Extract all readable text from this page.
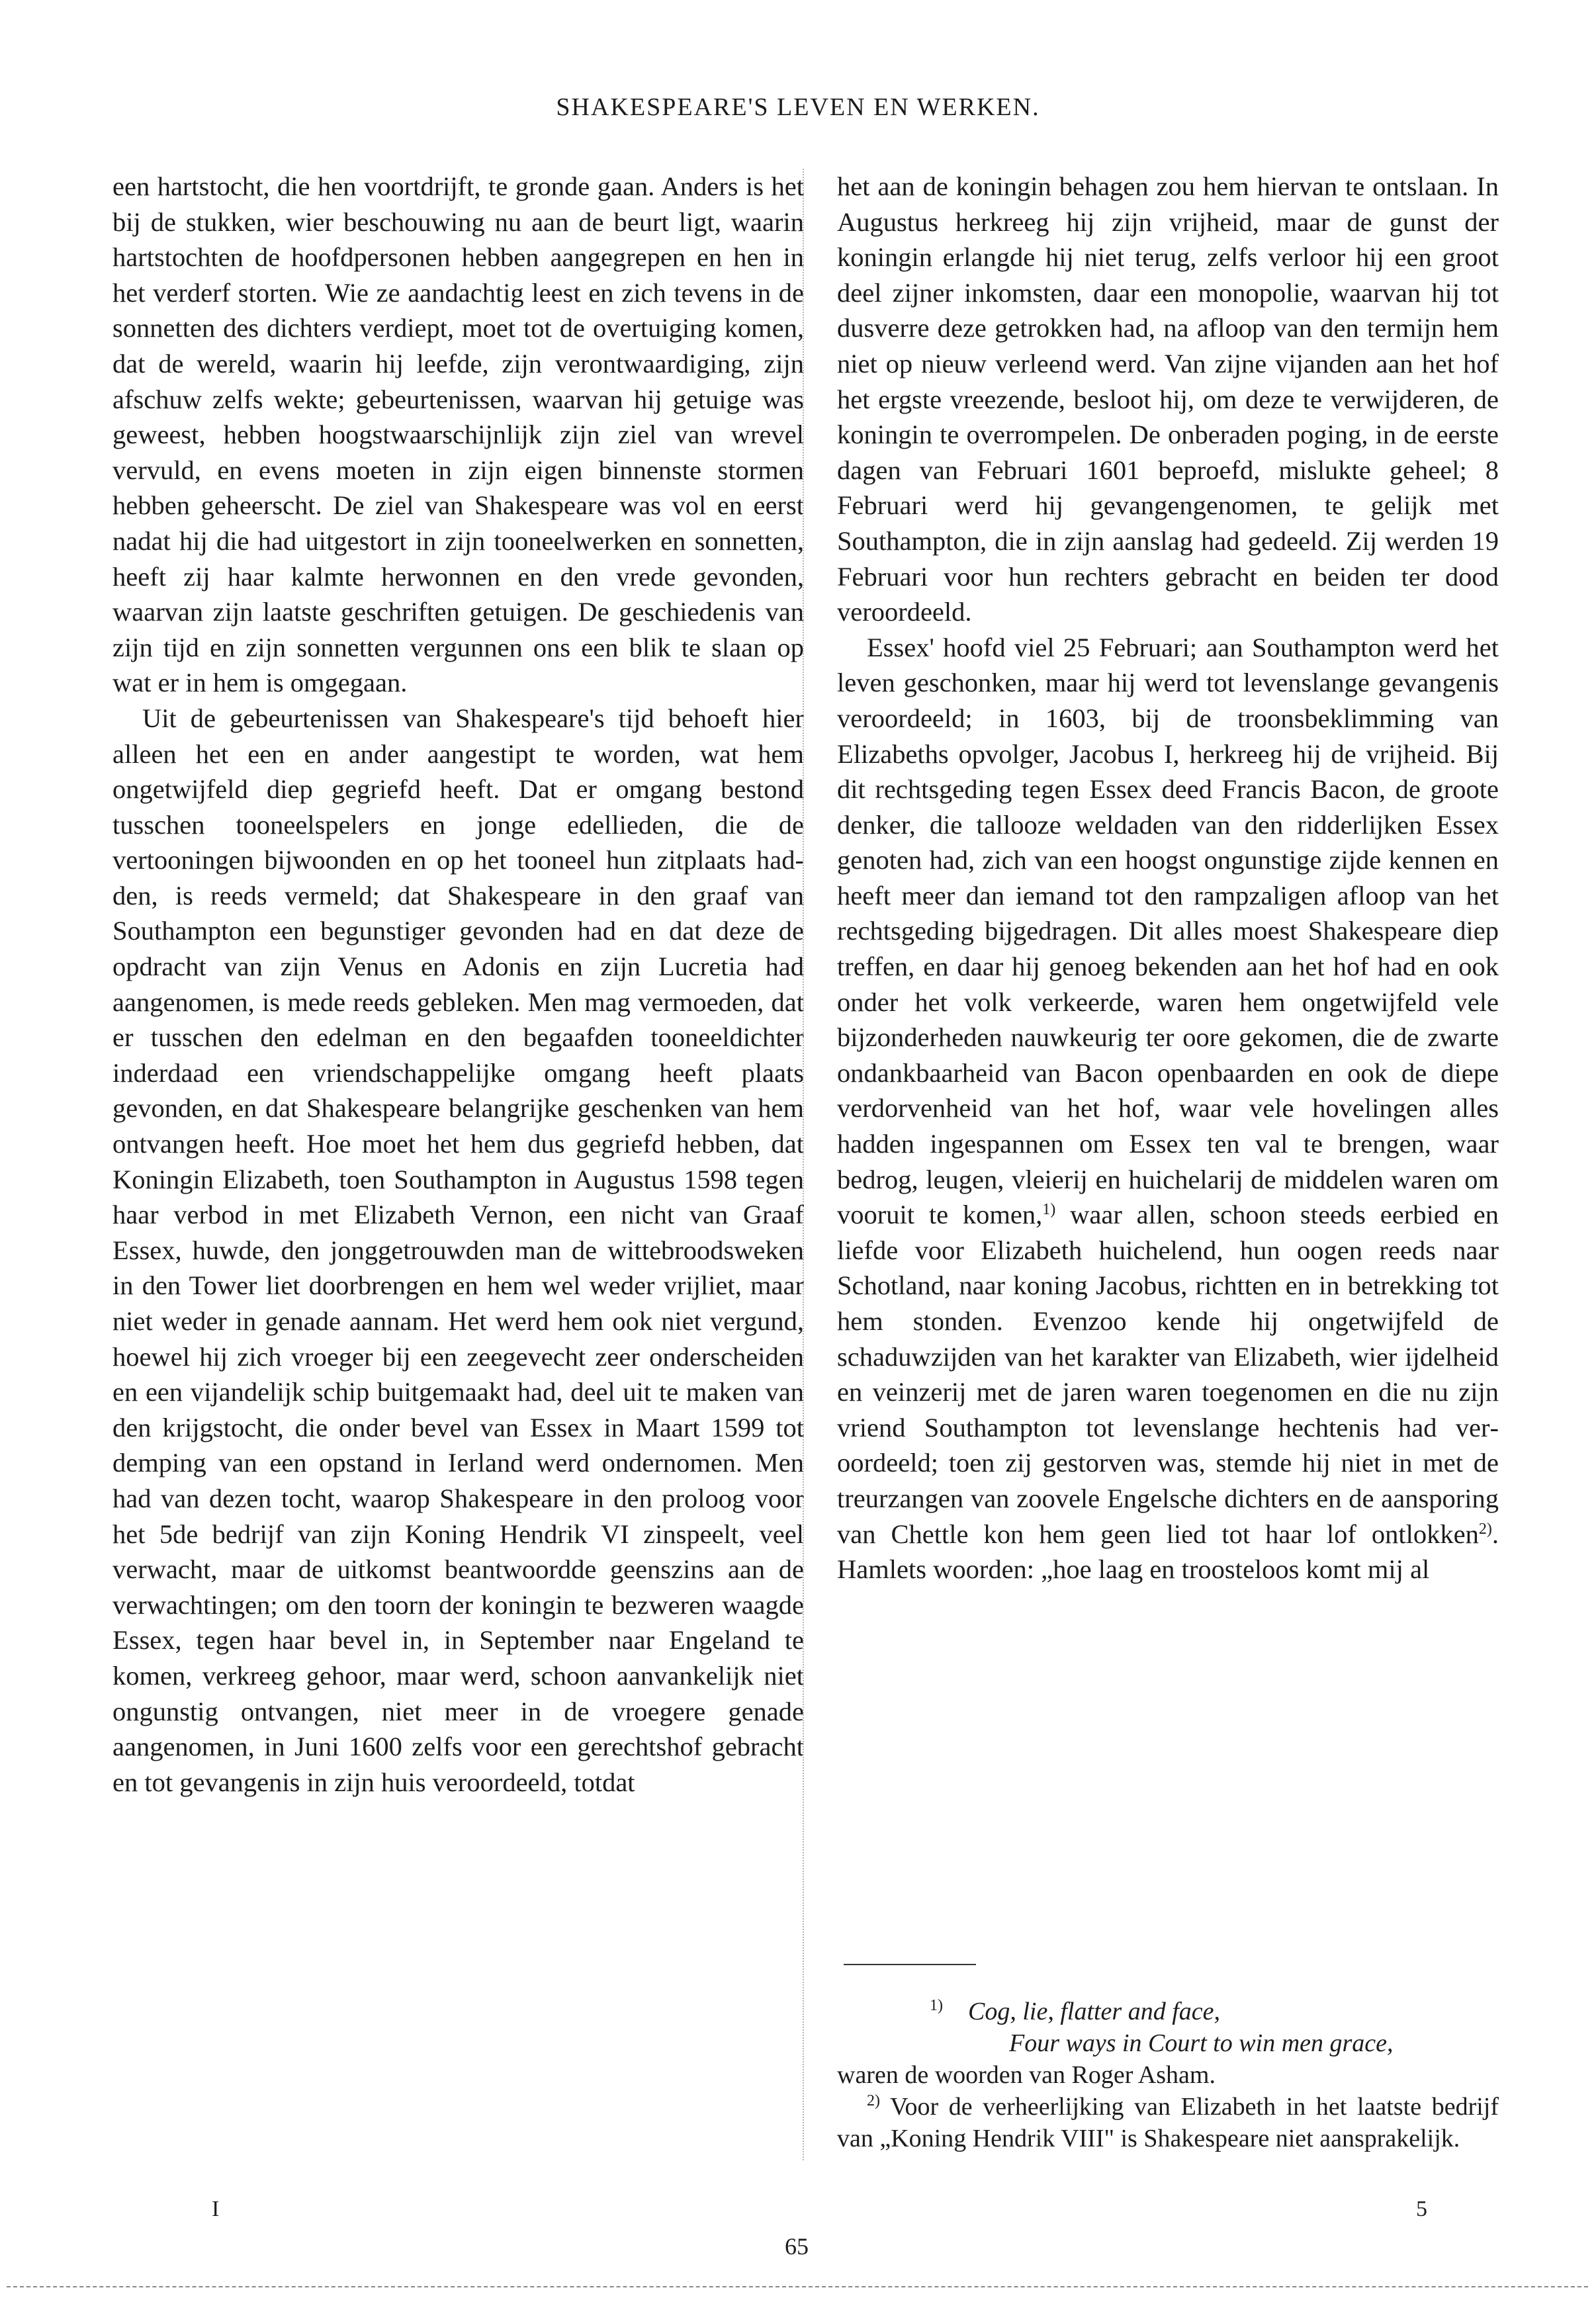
SHAKESPEARE'S LEVEN EN WERKEN.

een hartstocht, die hen voortdrijft, te gronde gaan. Anders is het bij de stukken, wier beschouwing nu aan de beurt ligt, waarin hartstochten de hoofdpersonen hebben aangegrepen en hen in het verderf storten. Wie ze aandachtig leest en zich tevens in de sonnetten des dichters verdiept, moet tot de overtuiging komen, dat de wereld, waarin hij leefde, zijn verontwaardiging, zijn afschuw zelfs wekte; gebeurtenissen, waarvan hij getuige was geweest, hebben hoogstwaarschijnlijk zijn ziel van wrevel vervuld, en evens moeten in zijn eigen binnenste stormen hebben geheerscht. De ziel van Shakespeare was vol en eerst nadat hij die had uitgestort in zijn tooneelwerken en sonnetten, heeft zij haar kalmte herwonnen en den vrede gevonden, waarvan zijn laatste geschriften getuigen. De geschiedenis van zijn tijd en zijn sonnetten vergunnen ons een blik te slaan op wat er in hem is omgegaan.

Uit de gebeurtenissen van Shakespeare's tijd behoeft hier alleen het een en ander aangestipt te worden, wat hem ongetwijfeld diep gegriefd heeft. Dat er omgang bestond tusschen tooneelspelers en jonge edellieden, die de vertooningen bijwoonden en op het tooneel hun zitplaats hadden, is reeds vermeld; dat Shakespeare in den graaf van Southampton een begunstiger gevonden had en dat deze de opdracht van zijn Venus en Adonis en zijn Lucretia had aangenomen, is mede reeds gebleken. Men mag vermoeden, dat er tusschen den edelman en den begaafden tooneeldichter inderdaad een vriendschappelijke omgang heeft plaats gevonden, en dat Shakespeare belangrijke geschenken van hem ontvangen heeft. Hoe moet het hem dus gegriefd hebben, dat Koningin Elizabeth, toen Southampton in Augustus 1598 tegen haar verbod in met Elizabeth Vernon, een nicht van Graaf Essex, huwde, den jonggetrouwden man de wittebroodsweken in den Tower liet doorbrengen en hem wel weder vrijliet, maar niet weder in genade aannam. Het werd hem ook niet vergund, hoewel hij zich vroeger bij een zeegevecht zeer onderscheiden en een vijandelijk schip buitgemaakt had, deel uit te maken van den krijgstocht, die onder bevel van Essex in Maart 1599 tot demping van een opstand in Ierland werd ondernomen. Men had van dezen tocht, waarop Shakespeare in den proloog voor het 5de bedrijf van zijn Koning Hendrik VI zinspeelt, veel verwacht, maar de uitkomst beantwoordde geenszins aan de verwachtingen; om den toorn der koningin te bezweren waagde Essex, tegen haar bevel in, in September naar Engeland te komen, verkreeg gehoor, maar werd, schoon aanvankelijk niet ongunstig ontvangen, niet meer in de vroegere genade aangenomen, in Juni 1600 zelfs voor een gerechtshof gebracht en tot gevangenis in zijn huis veroordeeld, totdat

het aan de koningin behagen zou hem hiervan te ontslaan. In Augustus herkreeg hij zijn vrijheid, maar de gunst der koningin erlangde hij niet terug, zelfs verloor hij een groot deel zijner inkomsten, daar een monopolie, waarvan hij tot dusverre deze getrokken had, na afloop van den termijn hem niet op nieuw verleend werd. Van zijne vijanden aan het hof het ergste vreezende, besloot hij, om deze te verwijderen, de koningin te overrompelen. De onberaden poging, in de eerste dagen van Februari 1601 beproefd, mislukte geheel; 8 Februari werd hij gevangengenomen, te gelijk met Southampton, die in zijn aanslag had gedeeld. Zij werden 19 Februari voor hun rechters gebracht en beiden ter dood veroordeeld.

Essex' hoofd viel 25 Februari; aan Southampton werd het leven geschonken, maar hij werd tot levenslange gevangenis veroordeeld; in 1603, bij de troonsbeklimming van Elizabeths opvolger, Jacobus I, herkreeg hij de vrijheid. Bij dit rechtsgeding tegen Essex deed Francis Bacon, de groote denker, die tallooze weldaden van den ridderlijken Essex genoten had, zich van een hoogst ongunstige zijde kennen en heeft meer dan iemand tot den rampzaligen afloop van het rechtsgeding bijgedragen. Dit alles moest Shakespeare diep treffen, en daar hij genoeg bekenden aan het hof had en ook onder het volk verkeerde, waren hem ongetwijfeld vele bijzonderheden nauwkeurig ter oore gekomen, die de zwarte ondankbaarheid van Bacon openbaarden en ook de diepe verdorvenheid van het hof, waar vele hovelingen alles hadden ingespannen om Essex ten val te brengen, waar bedrog, leugen, vleierij en huichelarij de middelen waren om vooruit te komen,$^{1)}$ waar allen, schoon steeds eerbied en liefde voor Elizabeth huichelend, hun oogen reeds naar Schotland, naar koning Jacobus, richtten en in betrekking tot hem stonden. Evenzoo kende hij ongetwijfeld de schaduwzijden van het karakter van Elizabeth, wier ijdelheid en veinzerij met de jaren waren toegenomen en die nu zijn vriend Southampton tot levenslange hechtenis had veroordeeld; toen zij gestorven was, stemde hij niet in met de treurzangen van zoovele Engelsche dichters en de aansporing van Chettle kon hem geen lied tot haar lof ontlokken$^{2)}$. Hamlets woorden: „hoe laag en troosteloos komt mij al

$^{1)}$ Cog, lie, flatter and face,

Four ways in Court to win men grace,

waren de woorden van Roger Asham.

$^{2)}$ Voor de verheerlijking van Elizabeth in het laatste bedrijf van „Koning Hendrik VIII" is Shakespeare niet aansprakelijk.

I
65
5
